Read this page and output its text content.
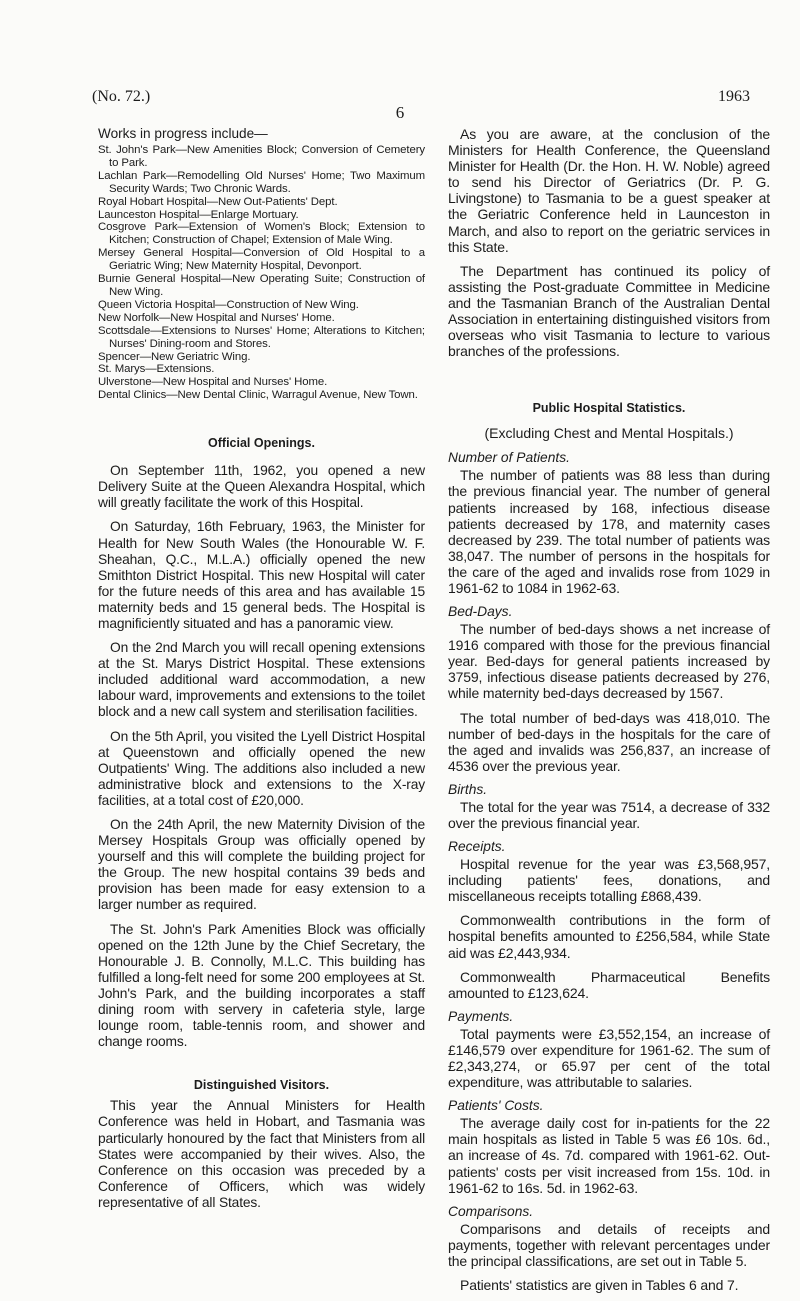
(No. 72.)
6
1963
Works in progress include—
St. John's Park—New Amenities Block; Conversion of Cemetery to Park.
Lachlan Park—Remodelling Old Nurses' Home; Two Maximum Security Wards; Two Chronic Wards.
Royal Hobart Hospital—New Out-Patients' Dept.
Launceston Hospital—Enlarge Mortuary.
Cosgrove Park—Extension of Women's Block; Extension to Kitchen; Construction of Chapel; Extension of Male Wing.
Mersey General Hospital—Conversion of Old Hospital to a Geriatric Wing; New Maternity Hospital, Devonport.
Burnie General Hospital—New Operating Suite; Construction of New Wing.
Queen Victoria Hospital—Construction of New Wing.
New Norfolk—New Hospital and Nurses' Home.
Scottsdale—Extensions to Nurses' Home; Alterations to Kitchen; Nurses' Dining-room and Stores.
Spencer—New Geriatric Wing.
St. Marys—Extensions.
Ulverstone—New Hospital and Nurses' Home.
Dental Clinics—New Dental Clinic, Warragul Avenue, New Town.
Official Openings.

On September 11th, 1962, you opened a new Delivery Suite at the Queen Alexandra Hospital, which will greatly facilitate the work of this Hospital.

On Saturday, 16th February, 1963, the Minister for Health for New South Wales (the Honourable W. F. Sheahan, Q.C., M.L.A.) officially opened the new Smithton District Hospital. This new Hospital will cater for the future needs of this area and has available 15 maternity beds and 15 general beds. The Hospital is magnificiently situated and has a panoramic view.

On the 2nd March you will recall opening extensions at the St. Marys District Hospital. These extensions included additional ward accommodation, a new labour ward, improvements and extensions to the toilet block and a new call system and sterilisation facilities.

On the 5th April, you visited the Lyell District Hospital at Queenstown and officially opened the new Outpatients' Wing. The additions also included a new administrative block and extensions to the X-ray facilities, at a total cost of £20,000.

On the 24th April, the new Maternity Division of the Mersey Hospitals Group was officially opened by yourself and this will complete the building project for the Group. The new hospital contains 39 beds and provision has been made for easy extension to a larger number as required.

The St. John's Park Amenities Block was officially opened on the 12th June by the Chief Secretary, the Honourable J. B. Connolly, M.L.C. This building has fulfilled a long-felt need for some 200 employees at St. John's Park, and the building incorporates a staff dining room with servery in cafeteria style, large lounge room, table-tennis room, and shower and change rooms.

Distinguished Visitors.

This year the Annual Ministers for Health Conference was held in Hobart, and Tasmania was particularly honoured by the fact that Ministers from all States were accompanied by their wives. Also, the Conference on this occasion was preceded by a Conference of Officers, which was widely representative of all States.

As you are aware, at the conclusion of the Ministers for Health Conference, the Queensland Minister for Health (Dr. the Hon. H. W. Noble) agreed to send his Director of Geriatrics (Dr. P. G. Livingstone) to Tasmania to be a guest speaker at the Geriatric Conference held in Launceston in March, and also to report on the geriatric services in this State.

The Department has continued its policy of assisting the Post-graduate Committee in Medicine and the Tasmanian Branch of the Australian Dental Association in entertaining distinguished visitors from overseas who visit Tasmania to lecture to various branches of the professions.

Public Hospital Statistics.
(Excluding Chest and Mental Hospitals.)
Number of Patients.

The number of patients was 88 less than during the previous financial year. The number of general patients increased by 168, infectious disease patients decreased by 178, and maternity cases decreased by 239. The total number of patients was 38,047. The number of persons in the hospitals for the care of the aged and invalids rose from 1029 in 1961-62 to 1084 in 1962-63.

Bed-Days.

The number of bed-days shows a net increase of 1916 compared with those for the previous financial year. Bed-days for general patients increased by 3759, infectious disease patients decreased by 276, while maternity bed-days decreased by 1567.

The total number of bed-days was 418,010. The number of bed-days in the hospitals for the care of the aged and invalids was 256,837, an increase of 4536 over the previous year.

Births.

The total for the year was 7514, a decrease of 332 over the previous financial year.

Receipts.

Hospital revenue for the year was £3,568,957, including patients' fees, donations, and miscellaneous receipts totalling £868,439.

Commonwealth contributions in the form of hospital benefits amounted to £256,584, while State aid was £2,443,934.

Commonwealth Pharmaceutical Benefits amounted to £123,624.

Payments.

Total payments were £3,552,154, an increase of £146,579 over expenditure for 1961-62. The sum of £2,343,274, or 65.97 per cent of the total expenditure, was attributable to salaries.

Patients' Costs.

The average daily cost for in-patients for the 22 main hospitals as listed in Table 5 was £6 10s. 6d., an increase of 4s. 7d. compared with 1961-62. Out-patients' costs per visit increased from 15s. 10d. in 1961-62 to 16s. 5d. in 1962-63.

Comparisons.

Comparisons and details of receipts and payments, together with relevant percentages under the principal classifications, are set out in Table 5.

Patients' statistics are given in Tables 6 and 7.
